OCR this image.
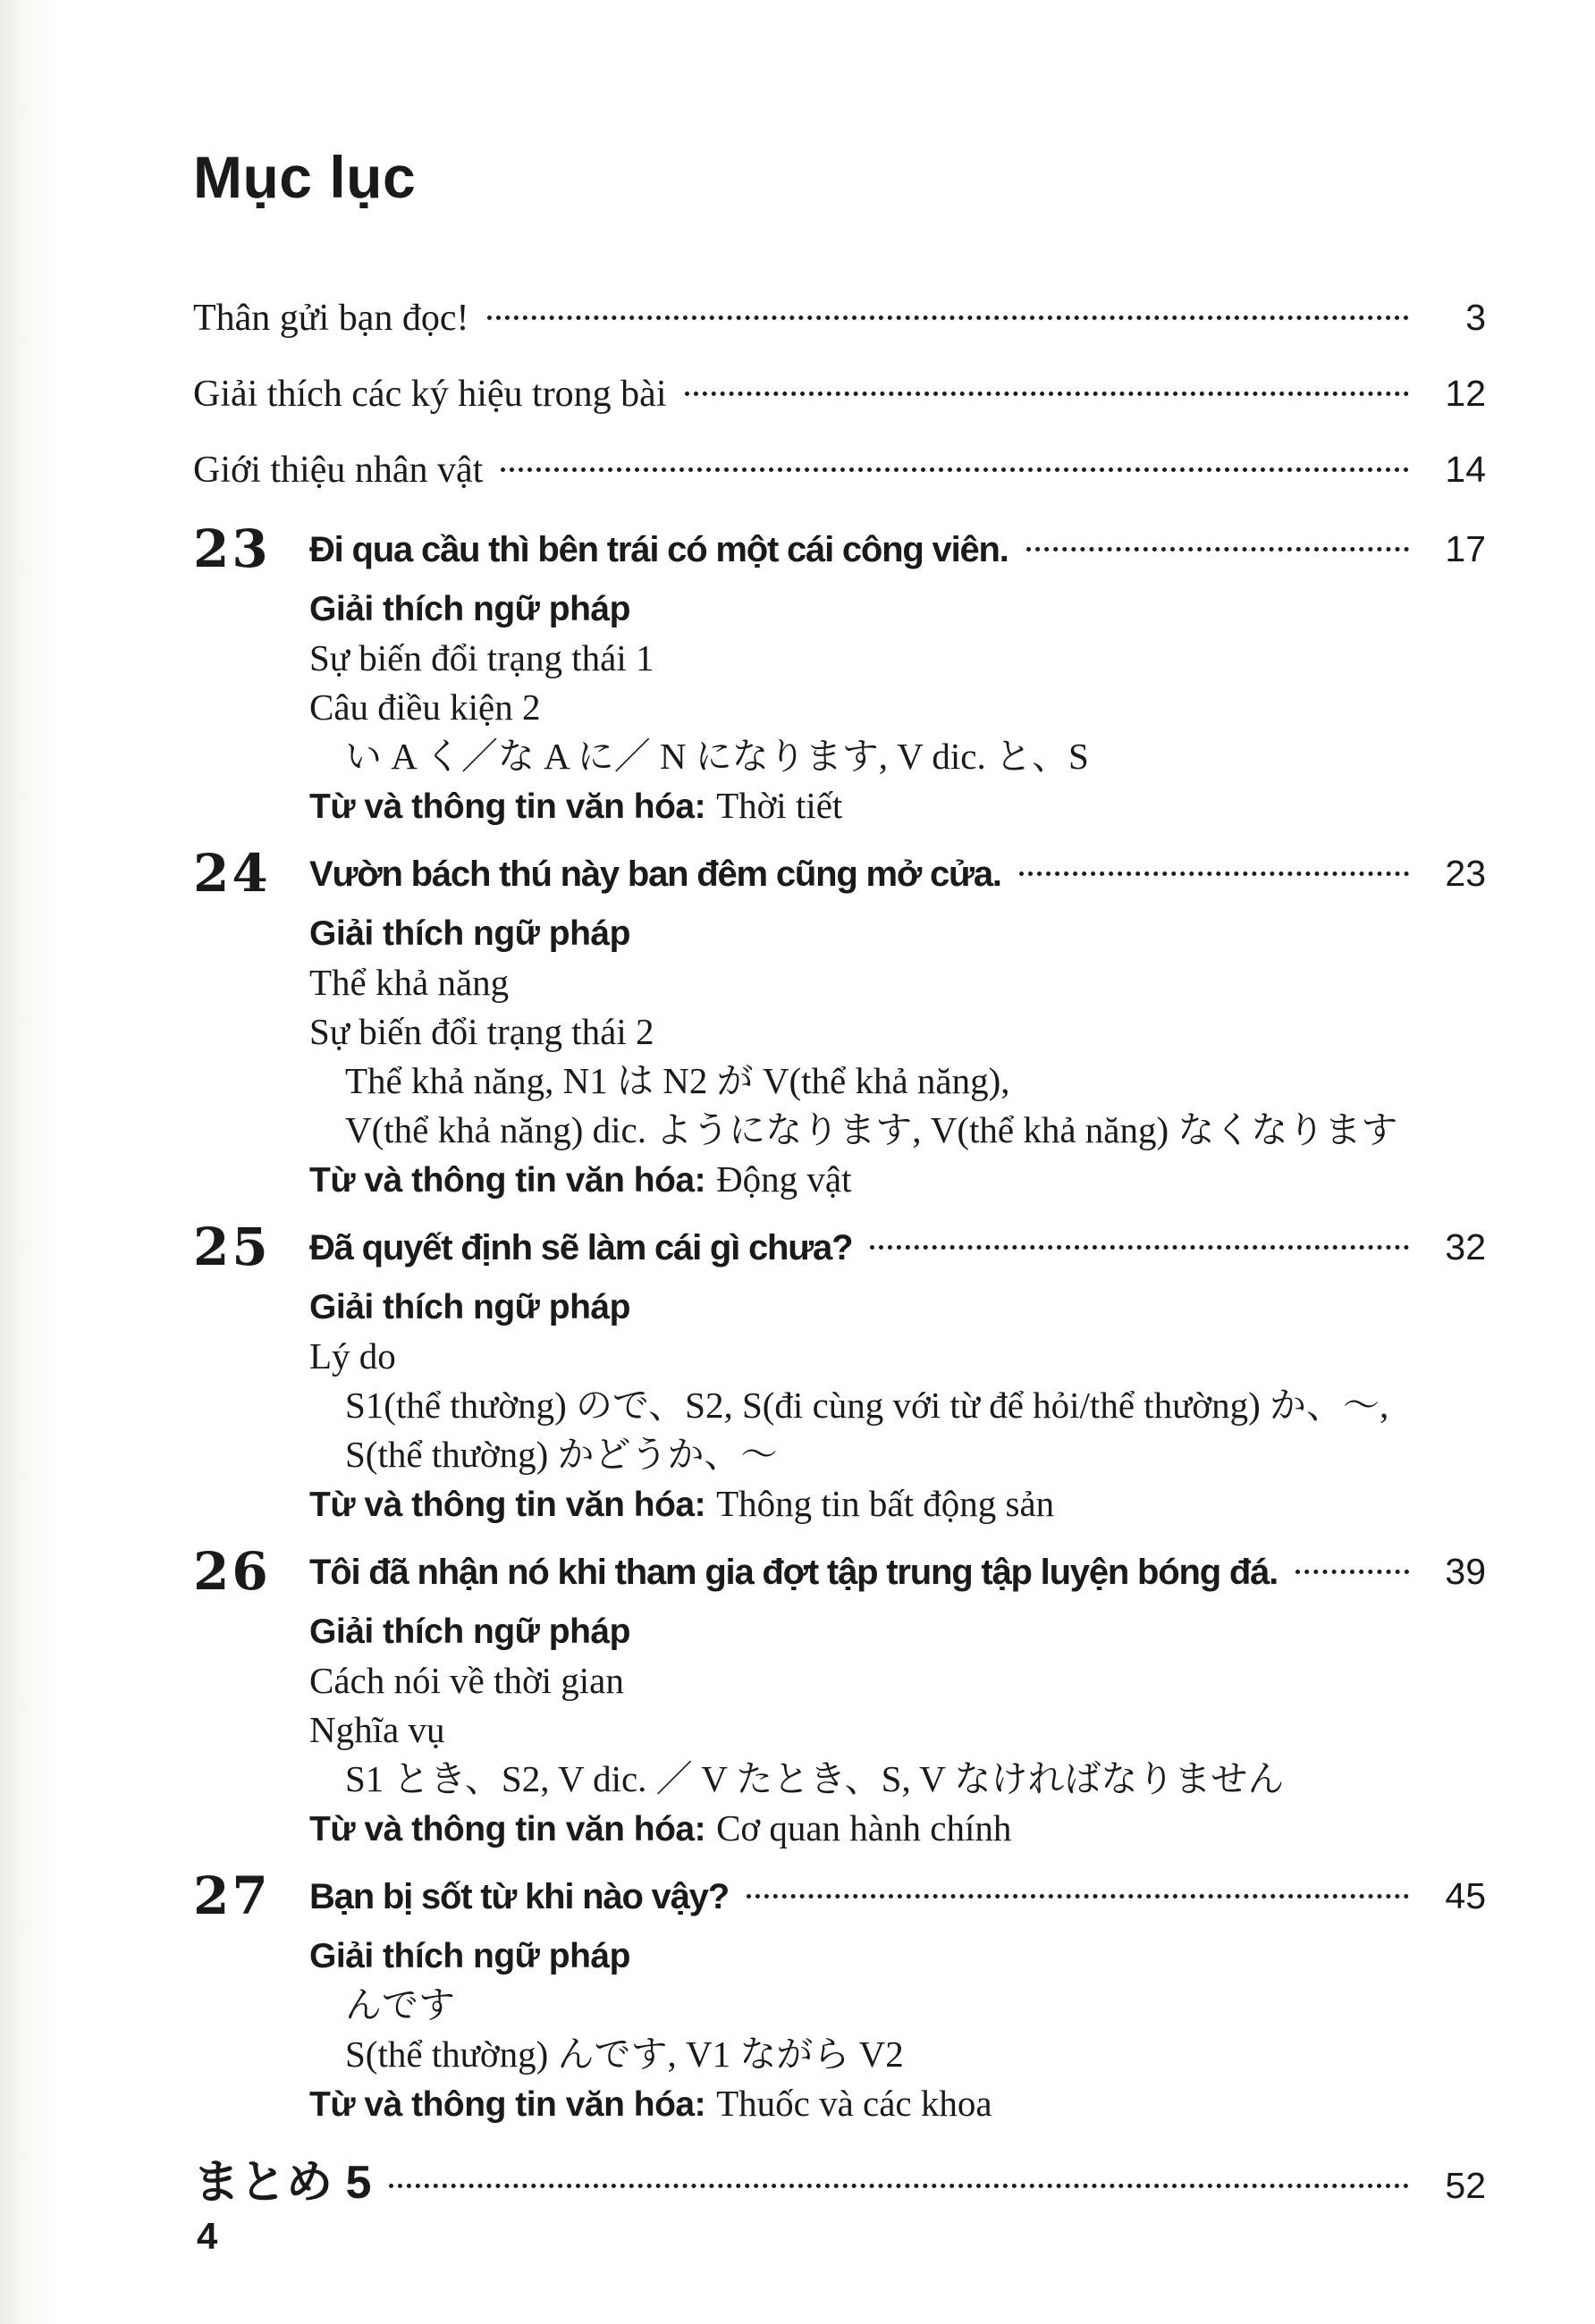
Mục lục
Thân gửi bạn đọc!	3
Giải thích các ký hiệu trong bài	12
Giới thiệu nhân vật	14
23	Đi qua cầu thì bên trái có một cái công viên.	17
Giải thích ngữ pháp
Sự biến đổi trạng thái 1
Câu điều kiện 2
い A く／な A に／ N になります, V dic. と、S
Từ và thông tin văn hóa: Thời tiết
24	Vườn bách thú này ban đêm cũng mở cửa.	23
Giải thích ngữ pháp
Thể khả năng
Sự biến đổi trạng thái 2
Thể khả năng, N1 は N2 が V(thể khả năng),
V(thể khả năng) dic. ようになります, V(thể khả năng) なくなります
Từ và thông tin văn hóa: Động vật
25	Đã quyết định sẽ làm cái gì chưa?	32
Giải thích ngữ pháp
Lý do
S1(thể thường) ので、S2, S(đi cùng với từ để hỏi/thể thường) か、～,
S(thể thường) かどうか、～
Từ và thông tin văn hóa: Thông tin bất động sản
26	Tôi đã nhận nó khi tham gia đợt tập trung tập luyện bóng đá.	39
Giải thích ngữ pháp
Cách nói về thời gian
Nghĩa vụ
S1 とき、S2, V dic. ／ V たとき、S, V なければなりません
Từ và thông tin văn hóa: Cơ quan hành chính
27	Bạn bị sốt từ khi nào vậy?	45
Giải thích ngữ pháp
んです
S(thể thường) んです, V1 ながら V2
Từ và thông tin văn hóa: Thuốc và các khoa
まとめ 5	52
4
